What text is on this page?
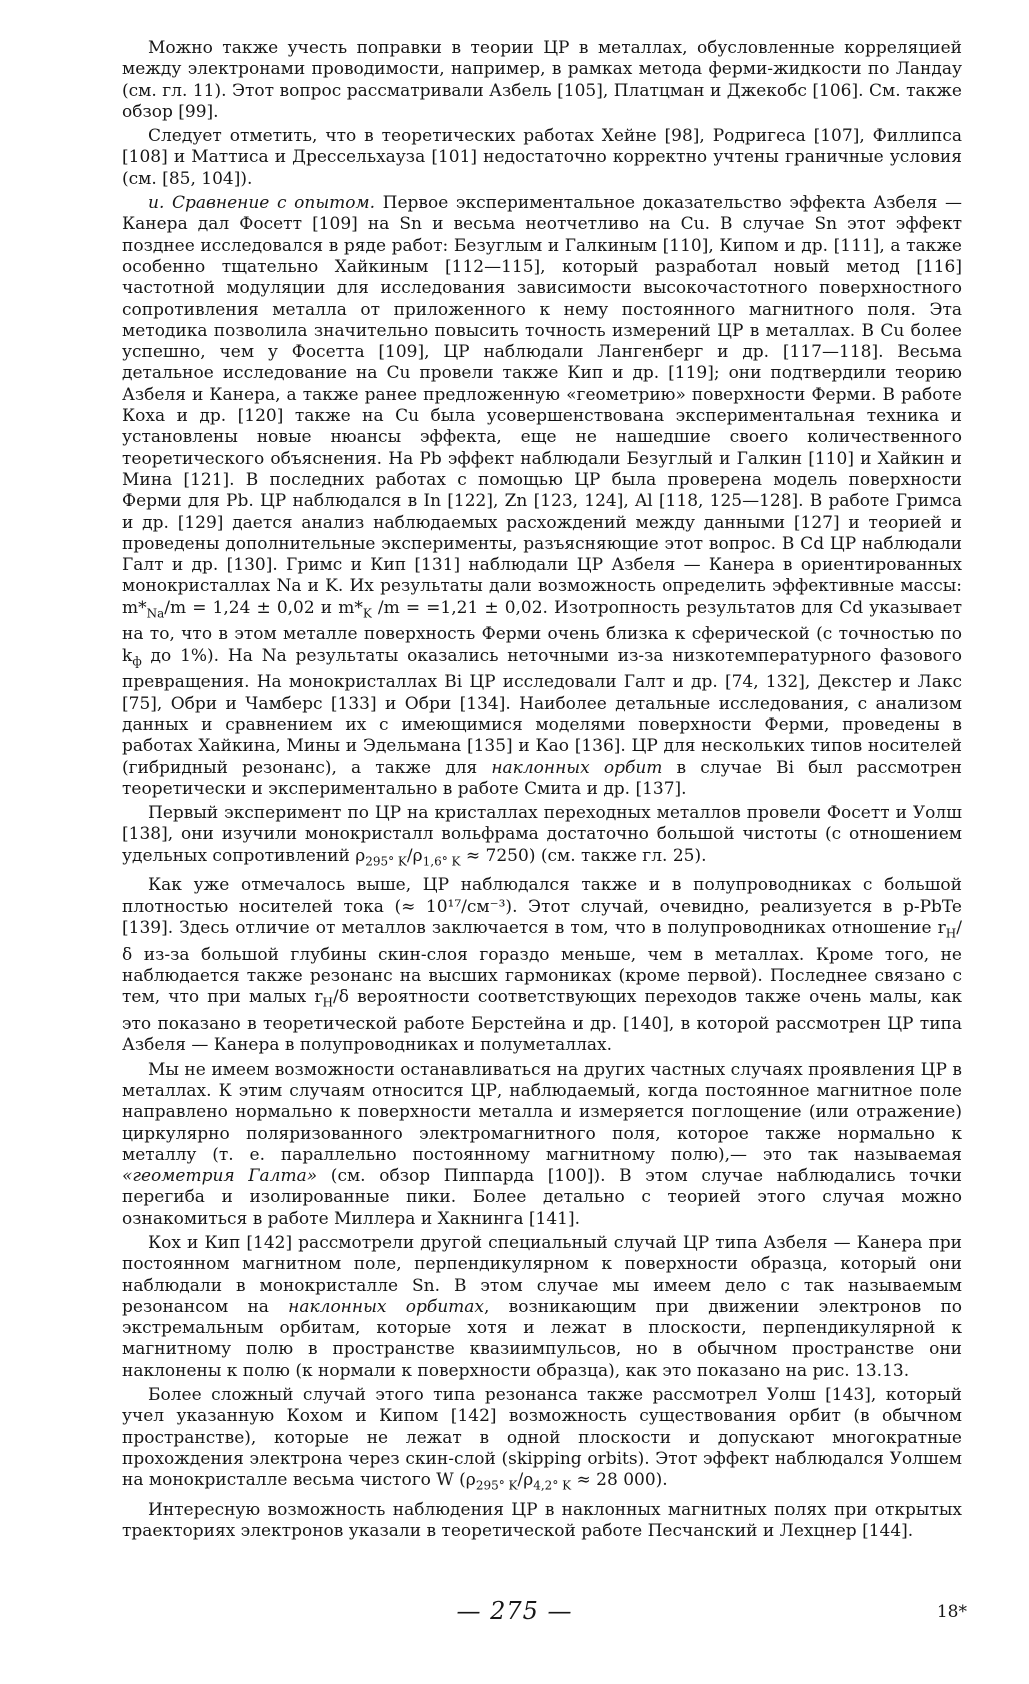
Можно также учесть поправки в теории ЦР в металлах, обусловленные корреляцией между электронами проводимости, например, в рамках метода ферми-жидкости по Ландау (см. гл. 11). Этот вопрос рассматривали Азбель [105], Платцман и Джекобс [106]. См. также обзор [99].

Следует отметить, что в теоретических работах Хейне [98], Родригеса [107], Филлипса [108] и Маттиса и Дрессельхауза [101] недостаточно корректно учтены граничные условия (см. [85, 104]).

и. Сравнение с опытом. Первое экспериментальное доказательство эффекта Азбеля — Канера дал Фосетт [109] на Sn и весьма неотчетливо на Cu. В случае Sn этот эффект позднее исследовался в ряде работ: Безуглым и Галкиным [110], Кипом и др. [111], а также особенно тщательно Хайкиным [112—115], который разработал новый метод [116] частотной модуляции для исследования зависимости высокочастотного поверхностного сопротивления металла от приложенного к нему постоянного магнитного поля. Эта методика позволила значительно повысить точность измерений ЦР в металлах. В Cu более успешно, чем у Фосетта [109], ЦР наблюдали Лангенберг и др. [117—118]. Весьма детальное исследование на Cu провели также Кип и др. [119]; они подтвердили теорию Азбеля и Канера, а также ранее предложенную «геометрию» поверхности Ферми. В работе Коха и др. [120] также на Cu была усовершенствована экспериментальная техника и установлены новые нюансы эффекта, еще не нашедшие своего количественного теоретического объяснения. На Pb эффект наблюдали Безуглый и Галкин [110] и Хайкин и Мина [121]. В последних работах с помощью ЦР была проверена модель поверхности Ферми для Pb. ЦР наблюдался в In [122], Zn [123, 124], Al [118, 125—128]. В работе Гримса и др. [129] дается анализ наблюдаемых расхождений между данными [127] и теорией и проведены дополнительные эксперименты, разъясняющие этот вопрос. В Cd ЦР наблюдали Галт и др. [130]. Гримс и Кип [131] наблюдали ЦР Азбеля — Канера в ориентированных монокристаллах Na и K. Их результаты дали возможность определить эффективные массы: $m*_{Na}/m = 1,24 \pm 0,02$ и $m*_K$ /m = =1,21 ± 0,02. Изотропность результатов для Cd указывает на то, что в этом металле поверхность Ферми очень близка к сферической (с точностью по $k_ф$ до 1%). На Na результаты оказались неточными из-за низкотемпературного фазового превращения. На монокристаллах Bi ЦР исследовали Галт и др. [74, 132], Декстер и Лакс [75], Обри и Чамберс [133] и Обри [134]. Наиболее детальные исследования, с анализом данных и сравнением их с имеющимися моделями поверхности Ферми, проведены в работах Хайкина, Мины и Эдельмана [135] и Као [136]. ЦР для нескольких типов носителей (гибридный резонанс), а также для наклонных орбит в случае Bi был рассмотрен теоретически и экспериментально в работе Смита и др. [137].

Первый эксперимент по ЦР на кристаллах переходных металлов провели Фосетт и Уолш [138], они изучили монокристалл вольфрама достаточно большой чистоты (с отношением удельных сопротивлений $\rho_{295^\circ K}/\rho_{1,6^\circ K} \approx 7250$) (см. также гл. 25).

Как уже отмечалось выше, ЦР наблюдался также и в полупроводниках с большой плотностью носителей тока (≈ 10¹⁷/см⁻³). Этот случай, очевидно, реализуется в p-PbTe [139]. Здесь отличие от металлов заключается в том, что в полупроводниках отношение $r_H/\delta$ из-за большой глубины скин-слоя гораздо меньше, чем в металлах. Кроме того, не наблюдается также резонанс на высших гармониках (кроме первой). Последнее связано с тем, что при малых $r_H/\delta$ вероятности соответствующих переходов также очень малы, как это показано в теоретической работе Берстейна и др. [140], в которой рассмотрен ЦР типа Азбеля — Канера в полупроводниках и полуметаллах.

Мы не имеем возможности останавливаться на других частных случаях проявления ЦР в металлах. К этим случаям относится ЦР, наблюдаемый, когда постоянное магнитное поле направлено нормально к поверхности металла и измеряется поглощение (или отражение) циркулярно поляризованного электромагнитного поля, которое также нормально к металлу (т. е. параллельно постоянному магнитному полю),— это так называемая «геометрия Галта» (см. обзор Пиппарда [100]). В этом случае наблюдались точки перегиба и изолированные пики. Более детально с теорией этого случая можно ознакомиться в работе Миллера и Хакнинга [141].

Кох и Кип [142] рассмотрели другой специальный случай ЦР типа Азбеля — Канера при постоянном магнитном поле, перпендикулярном к поверхности образца, который они наблюдали в монокристалле Sn. В этом случае мы имеем дело с так называемым резонансом на наклонных орбитах, возникающим при движении электронов по экстремальным орбитам, которые хотя и лежат в плоскости, перпендикулярной к магнитному полю в пространстве квазиимпульсов, но в обычном пространстве они наклонены к полю (к нормали к поверхности образца), как это показано на рис. 13.13.

Более сложный случай этого типа резонанса также рассмотрел Уолш [143], который учел указанную Кохом и Кипом [142] возможность существования орбит (в обычном пространстве), которые не лежат в одной плоскости и допускают многократные прохождения электрона через скин-слой (skipping orbits). Этот эффект наблюдался Уолшем на монокристалле весьма чистого W ($\rho_{295^\circ K}/\rho_{4,2^\circ K} \approx 28$ 000).

Интересную возможность наблюдения ЦР в наклонных магнитных полях при открытых траекториях электронов указали в теоретической работе Песчанский и Лехцнер [144].

— 275 —	18*
